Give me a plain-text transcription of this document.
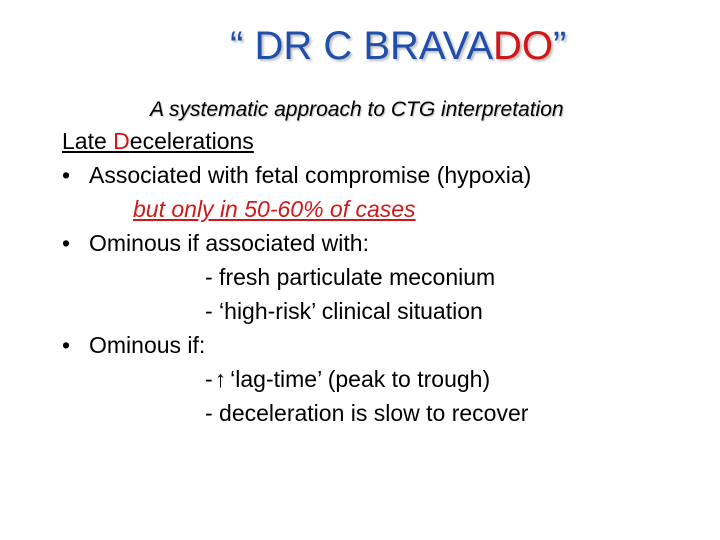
“ DR C BRAVADO”
A systematic approach to CTG interpretation
Late Decelerations
• Associated with fetal compromise (hypoxia)
but only in 50-60% of cases
• Ominous if associated with:
- fresh particulate meconium
- ‘high-risk’ clinical situation
• Ominous if:
-↑ ‘lag-time’ (peak to trough)
- deceleration is slow to recover
